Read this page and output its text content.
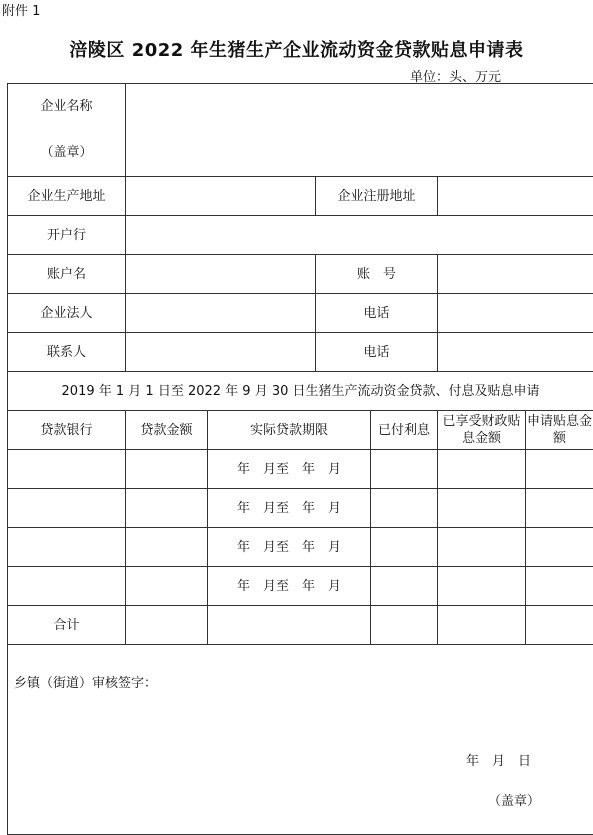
附件 1
涪陵区 2022 年生猪生产企业流动资金贷款贴息申请表
单位：头、万元
企业名称
（盖章）						

企业生产地址			企业注册地址			
开户行						
账户名			账　号			
企业法人			电话			
联系人			电话			
2019 年 1 月 1 日至 2022 年 9 月 30 日生猪生产流动资金贷款、付息及贴息申请						
贷款银行	贷款金额	实际贷款期限		已付利息	已享受财政贴息金额	申请贴息金额
		年　月至　年　月				
		年　月至　年　月				
		年　月至　年　月				
		年　月至　年　月				
合计						

乡镇（街道）审核签字：
年　月　日
（盖章）						
